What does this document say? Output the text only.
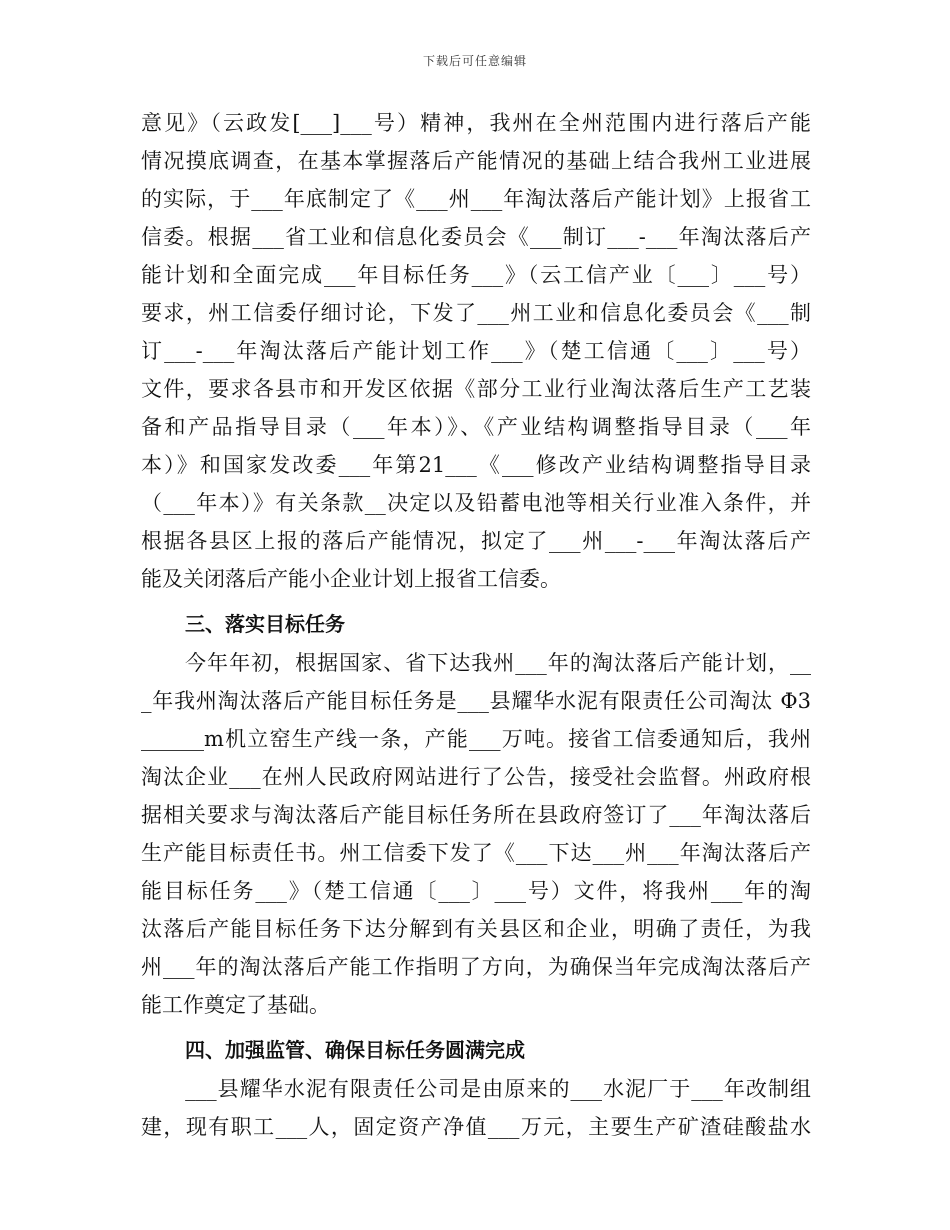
下载后可任意编辑
意见》（云政发[___]___号）精神，我州在全州范围内进行落后产能
情况摸底调查，在基本掌握落后产能情况的基础上结合我州工业进展
的实际，于___年底制定了《___州___年淘汰落后产能计划》上报省工
信委。根据___省工业和信息化委员会《___制订___-___年淘汰落后产
能计划和全面完成___年目标任务___》（云工信产业〔___〕___号）
要求，州工信委仔细讨论，下发了___州工业和信息化委员会《___制
订___-___年淘汰落后产能计划工作___》（楚工信通〔___〕___号）
文件，要求各县市和开发区依据《部分工业行业淘汰落后生产工艺装
备和产品指导目录（___年本）》、《产业结构调整指导目录（___年
本）》和国家发改委___年第21___《___修改产业结构调整指导目录
（___年本）》有关条款__决定以及铅蓄电池等相关行业准入条件，并
根据各县区上报的落后产能情况，拟定了___州___-___年淘汰落后产
能及关闭落后产能小企业计划上报省工信委。
三、落实目标任务
　　今年年初，根据国家、省下达我州___年的淘汰落后产能计划，__
_年我州淘汰落后产能目标任务是___县耀华水泥有限责任公司淘汰 Φ3
______m机立窑生产线一条，产能___万吨。接省工信委通知后，我州
淘汰企业___在州人民政府网站进行了公告，接受社会监督。州政府根
据相关要求与淘汰落后产能目标任务所在县政府签订了___年淘汰落后
生产能目标责任书。州工信委下发了《___下达___州___年淘汰落后产
能目标任务___》（楚工信通〔___〕___号）文件，将我州___年的淘
汰落后产能目标任务下达分解到有关县区和企业，明确了责任，为我
州___年的淘汰落后产能工作指明了方向，为确保当年完成淘汰落后产
能工作奠定了基础。
四、加强监管、确保目标任务圆满完成
　　___县耀华水泥有限责任公司是由原来的___水泥厂于___年改制组
建，现有职工___人，固定资产净值___万元，主要生产矿渣硅酸盐水
